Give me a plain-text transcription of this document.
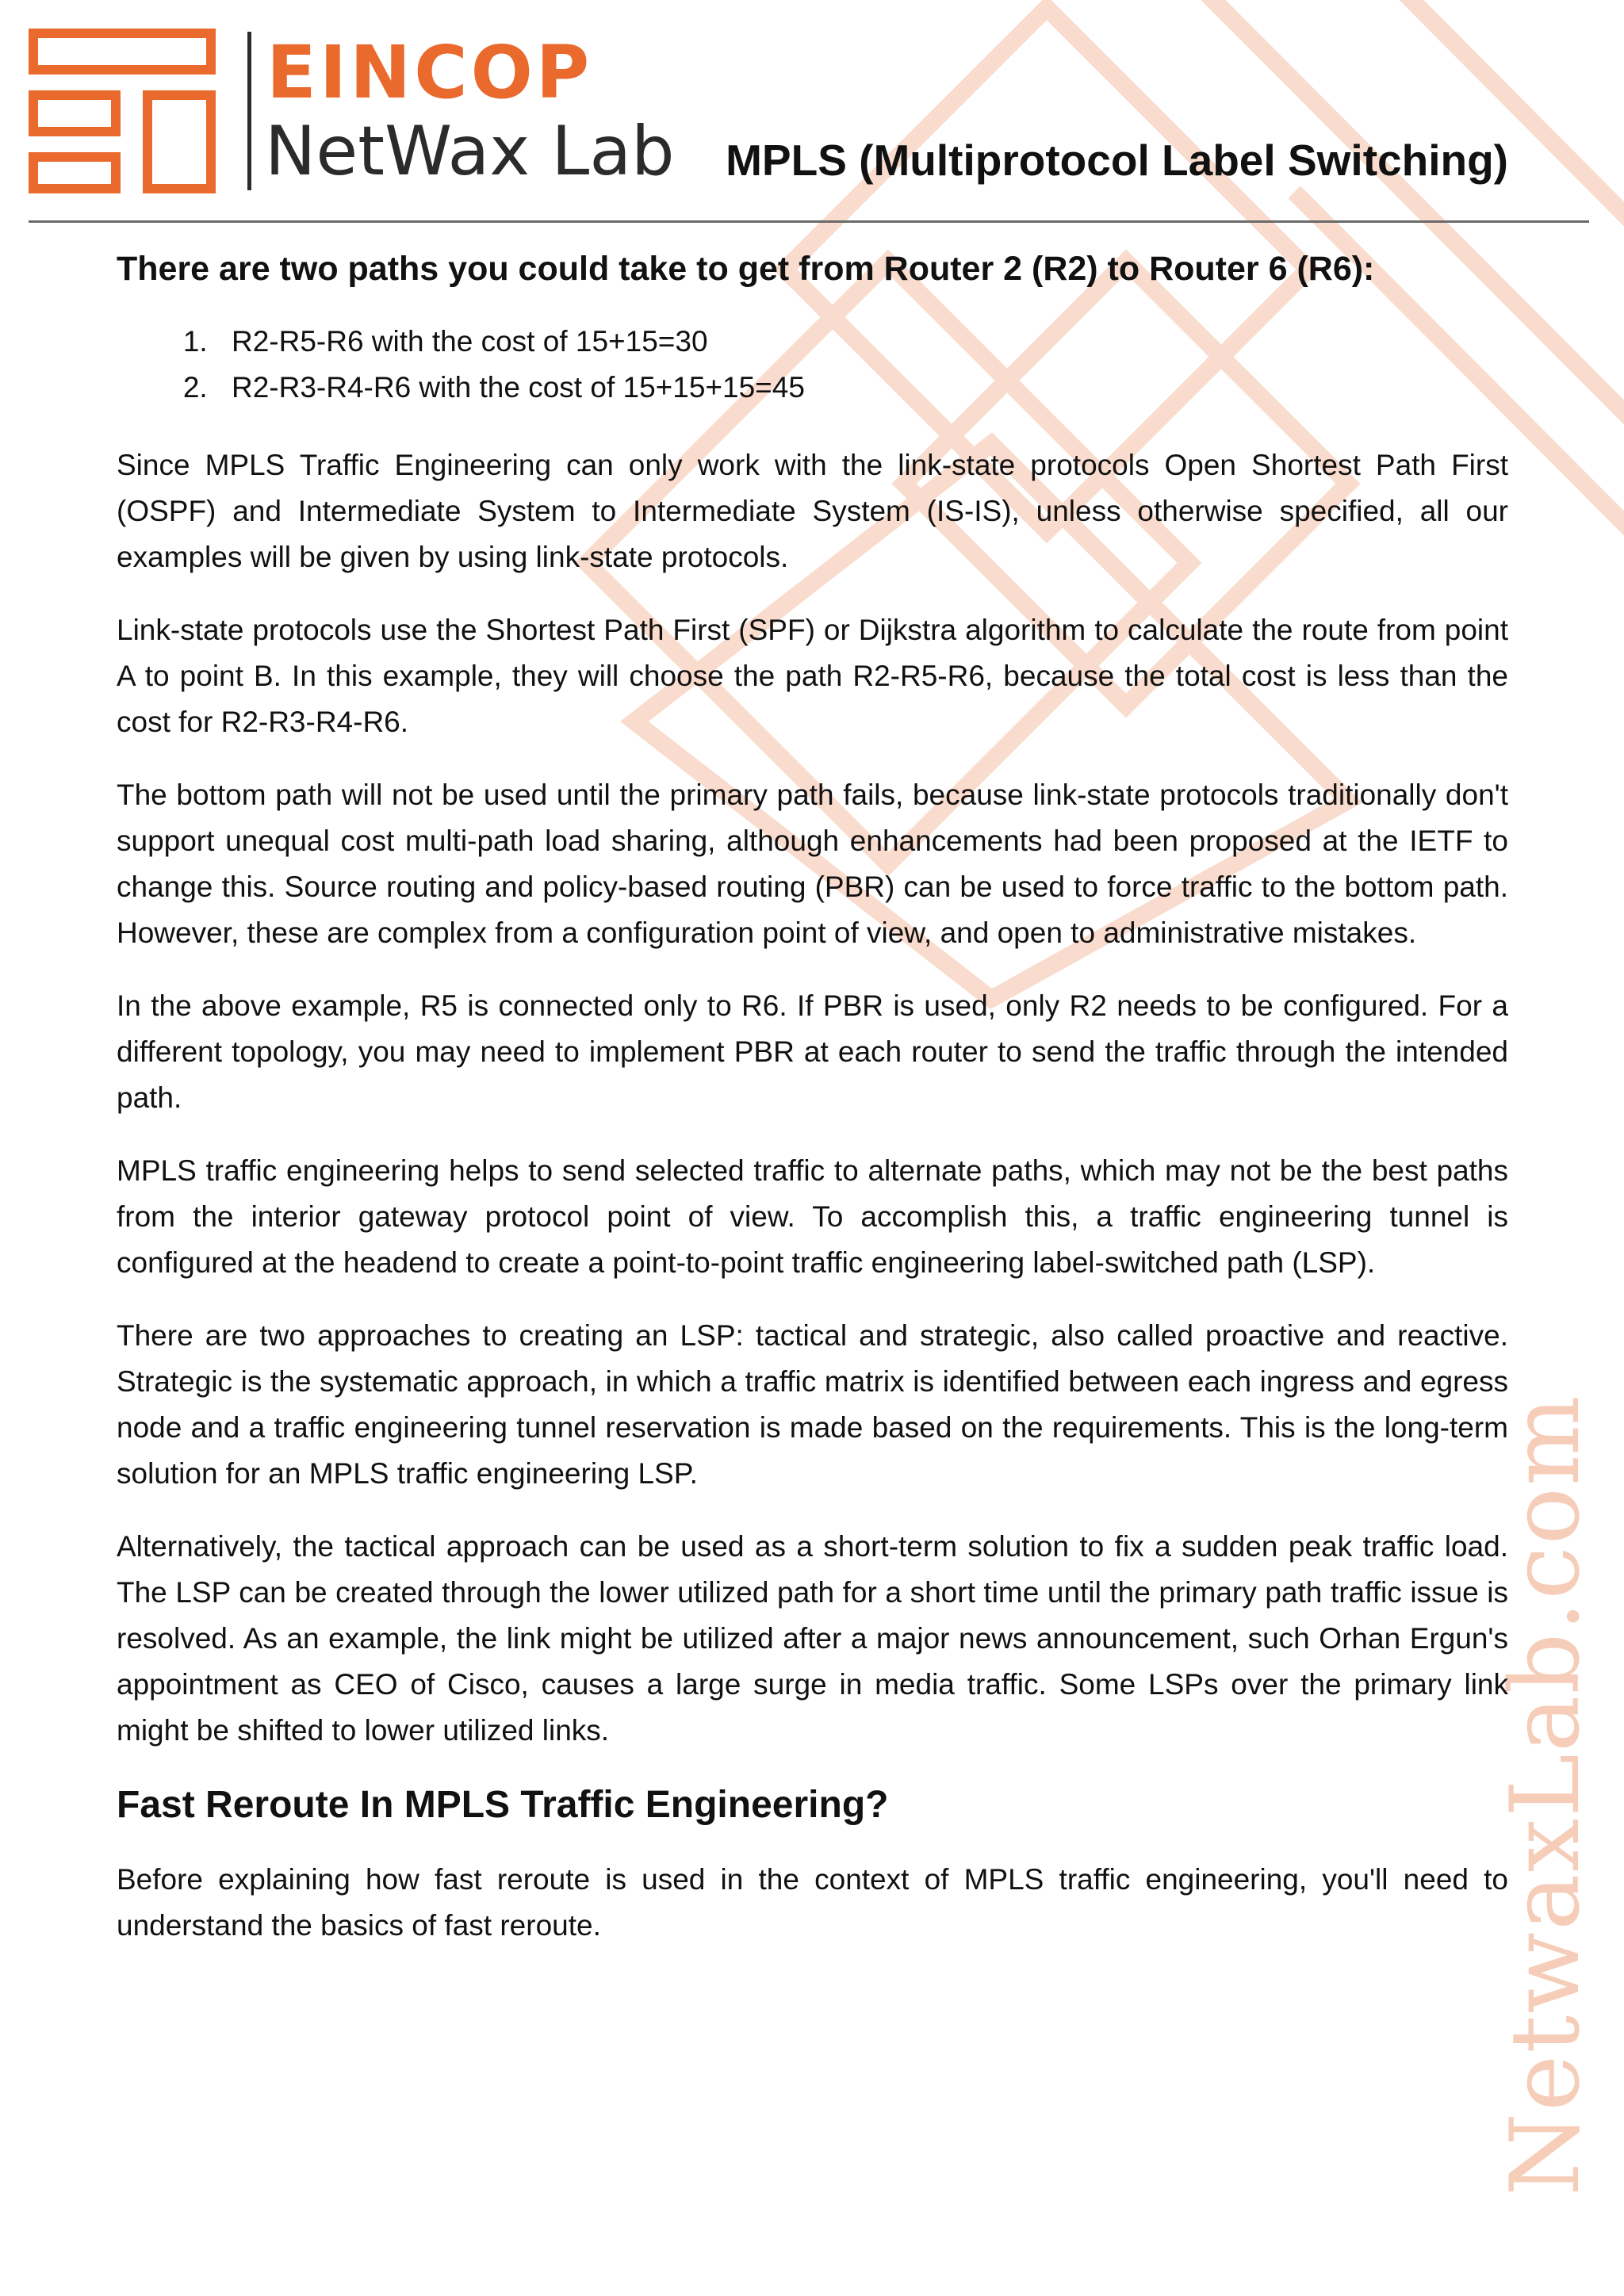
NetwaxLab.com
EINCOP
NetWax Lab MPLS (Multiprotocol Label Switching)
There are two paths you could take to get from Router 2 (R2) to Router 6 (R6):
1. R2-R5-R6 with the cost of 15+15=30
2. R2-R3-R4-R6 with the cost of 15+15+15=45

Since MPLS Traffic Engineering can only work with the link-state protocols Open Shortest Path First (OSPF) and Intermediate System to Intermediate System (IS-IS), unless otherwise specified, all our examples will be given by using link-state protocols.

Link-state protocols use the Shortest Path First (SPF) or Dijkstra algorithm to calculate the route from point A to point B. In this example, they will choose the path R2-R5-R6, because the total cost is less than the cost for R2-R3-R4-R6.

The bottom path will not be used until the primary path fails, because link-state protocols traditionally don't support unequal cost multi-path load sharing, although enhancements had been proposed at the IETF to change this. Source routing and policy-based routing (PBR) can be used to force traffic to the bottom path. However, these are complex from a configuration point of view, and open to administrative mistakes.

In the above example, R5 is connected only to R6. If PBR is used, only R2 needs to be configured. For a different topology, you may need to implement PBR at each router to send the traffic through the intended path.

MPLS traffic engineering helps to send selected traffic to alternate paths, which may not be the best paths from the interior gateway protocol point of view. To accomplish this, a traffic engineering tunnel is configured at the headend to create a point-to-point traffic engineering label-switched path (LSP).

There are two approaches to creating an LSP: tactical and strategic, also called proactive and reactive. Strategic is the systematic approach, in which a traffic matrix is identified between each ingress and egress node and a traffic engineering tunnel reservation is made based on the requirements. This is the long-term solution for an MPLS traffic engineering LSP.

Alternatively, the tactical approach can be used as a short-term solution to fix a sudden peak traffic load. The LSP can be created through the lower utilized path for a short time until the primary path traffic issue is resolved. As an example, the link might be utilized after a major news announcement, such Orhan Ergun's appointment as CEO of Cisco, causes a large surge in media traffic. Some LSPs over the primary link might be shifted to lower utilized links.

Fast Reroute In MPLS Traffic Engineering?

Before explaining how fast reroute is used in the context of MPLS traffic engineering, you'll need to understand the basics of fast reroute.
